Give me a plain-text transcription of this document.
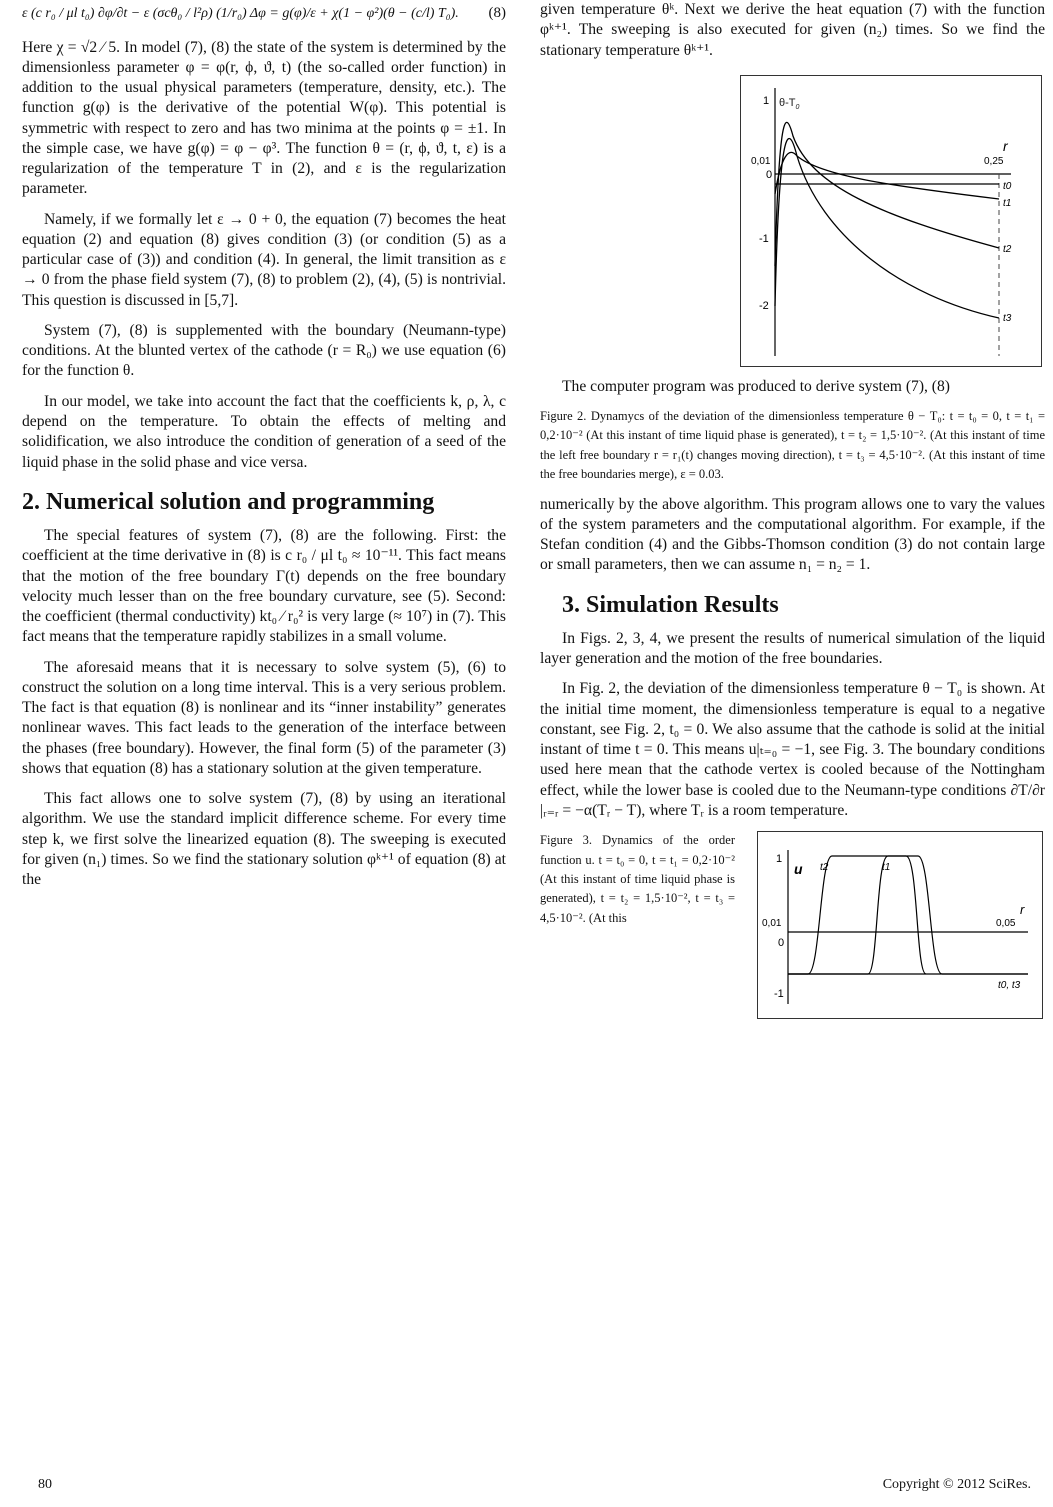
ε (c r₀ / μl t₀) ∂φ/∂t − ε (σcθ₀ / l²ρ) (1/r₀) Δφ = g(φ)/ε + χ(1 − φ²)(θ − (c/l) T₀). (8)

Here χ = √2 ⁄ 5. In model (7), (8) the state of the system is determined by the dimensionless parameter φ = φ(r, ϕ, ϑ, t) (the so-called order function) in addition to the usual physical parameters (temperature, density, etc.). The function g(φ) is the derivative of the potential W(φ). This potential is symmetric with respect to zero and has two minima at the points φ = ±1. In the simple case, we have g(φ) = φ − φ³. The function θ = (r, ϕ, ϑ, t, ε) is a regularization of the temperature T in (2), and ε is the regularization parameter.

Namely, if we formally let ε → 0 + 0, the equation (7) becomes the heat equation (2) and equation (8) gives condition (3) (or condition (5) as a particular case of (3)) and condition (4). In general, the limit transition as ε → 0 from the phase field system (7), (8) to problem (2), (4), (5) is nontrivial. This question is discussed in [5,7].

System (7), (8) is supplemented with the boundary (Neumann-type) conditions. At the blunted vertex of the cathode (r = R₀) we use equation (6) for the function θ.

In our model, we take into account the fact that the coefficients k, ρ, λ, c depend on the temperature. To obtain the effects of melting and solidification, we also introduce the condition of generation of a seed of the liquid phase in the solid phase and vice versa.

2. Numerical solution and programming

The special features of system (7), (8) are the following. First: the coefficient at the time derivative in (8) is c r₀ / μl t₀ ≈ 10⁻¹¹. This fact means that the motion of the free boundary Γ(t) depends on the free boundary velocity much lesser than on the free boundary curvature, see (5). Second: the coefficient (thermal conductivity) kt₀ ⁄ r₀² is very large (≈ 10⁷) in (7). This fact means that the temperature rapidly stabilizes in a small volume.

The aforesaid means that it is necessary to solve system (5), (6) to construct the solution on a long time interval. This is a very serious problem. The fact is that equation (8) is nonlinear and its “inner instability” generates nonlinear waves. This fact leads to the generation of the interface between the phases (free boundary). However, the final form (5) of the parameter (3) shows that equation (8) has a stationary solution at the given temperature.

This fact allows one to solve system (7), (8) by using an iterational algorithm. We use the standard implicit difference scheme. For every time step k, we first solve the linearized equation (8). The sweeping is executed for given (n₁) times. So we find the stationary solution φᵏ⁺¹ of equation (8) at the

given temperature θᵏ. Next we derive the heat equation (7) with the function φᵏ⁺¹. The sweeping is also executed for given (n₂) times. So we find the stationary temperature θᵏ⁺¹.

1
0
-1
-2
0,01	0,25
$\theta-T_0$
r
t0
t1
t2
t3

The computer program was produced to derive system (7), (8)

Figure 2. Dynamycs of the deviation of the dimensionless temperature θ − T₀: t = t₀ = 0, t = t₁ = 0,2·10⁻² (At this instant of time liquid phase is generated), t = t₂ = 1,5·10⁻². (At this instant of time the left free boundary r = r₁(t) changes moving direction), t = t₃ = 4,5·10⁻². (At this instant of time the free boundaries merge), ε = 0.03.

numerically by the above algorithm. This program allows one to vary the values of the system parameters and the computational algorithm. For example, if the Stefan condition (4) and the Gibbs-Thomson condition (3) do not contain large or small parameters, then we can assume n₁ = n₂ = 1.

3. Simulation Results

In Figs. 2, 3, 4, we present the results of numerical simulation of the liquid layer generation and the motion of the free boundaries.

In Fig. 2, the deviation of the dimensionless temperature θ − T₀ is shown. At the initial time moment, the dimensionless temperature is equal to a negative constant, see Fig. 2, t₀ = 0. We also assume that the cathode is solid at the initial instant of time t = 0. This means u|ₜ₌₀ = −1, see Fig. 3. The boundary conditions used here mean that the cathode vertex is cooled because of the Nottingham effect, while the lower base is cooled due to the Neumann-type conditions ∂T/∂r |ᵣ₌ᵣ = −α(Tᵣ − T), where Tᵣ is a room temperature.

Figure 3. Dynamics of the order function u. t = t₀ = 0, t = t₁ = 0,2·10⁻² (At this instant of time liquid phase is generated), t = t₂ = 1,5·10⁻², t = t₃ = 4,5·10⁻². (At this

1
0
-1
0,01	0,05
u
r
t2	t1
t0, t3
80	Copyright © 2012 SciRes.
